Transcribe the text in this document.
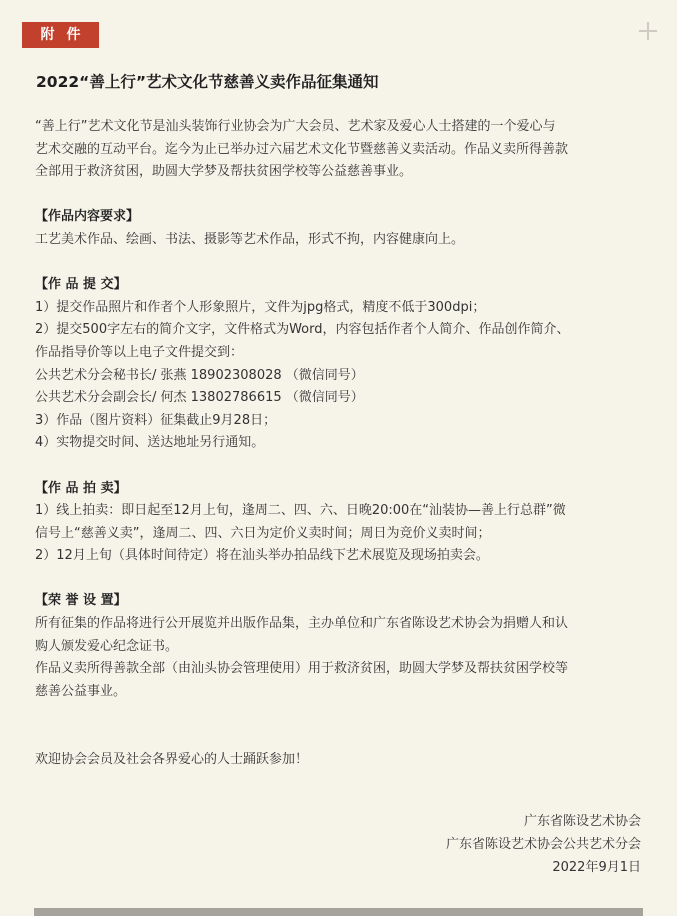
附件
2022“善上行”艺术文化节慈善义卖作品征集通知

“善上行”艺术文化节是汕头装饰行业协会为广大会员、艺术家及爱心人士搭建的一个爱心与

艺术交融的互动平台。迄今为止已举办过六届艺术文化节暨慈善义卖活动。作品义卖所得善款

全部用于救济贫困，助圆大学梦及帮扶贫困学校等公益慈善事业。

【作品内容要求】

工艺美术作品、绘画、书法、摄影等艺术作品，形式不拘，内容健康向上。

【作 品 提 交】

1）提交作品照片和作者个人形象照片，文件为jpg格式，精度不低于300dpi；

2）提交500字左右的简介文字，文件格式为Word，内容包括作者个人简介、作品创作简介、

作品指导价等以上电子文件提交到：

公共艺术分会秘书长/ 张燕 18902308028 （微信同号）

公共艺术分会副会长/ 何杰 13802786615 （微信同号）

3）作品（图片资料）征集截止9月28日；

4）实物提交时间、送达地址另行通知。

【作 品 拍 卖】

1）线上拍卖：即日起至12月上旬，逢周二、四、六、日晚20:00在“汕装协—善上行总群”微

信号上“慈善义卖”，逢周二、四、六日为定价义卖时间；周日为竞价义卖时间；

2）12月上旬（具体时间待定）将在汕头举办拍品线下艺术展览及现场拍卖会。

【荣 誉 设 置】

所有征集的作品将进行公开展览并出版作品集，主办单位和广东省陈设艺术协会为捐赠人和认

购人颁发爱心纪念证书。

作品义卖所得善款全部（由汕头协会管理使用）用于救济贫困，助圆大学梦及帮扶贫困学校等

慈善公益事业。

欢迎协会会员及社会各界爱心的人士踊跃参加！

广东省陈设艺术协会
广东省陈设艺术协会公共艺术分会
2022年9月1日
